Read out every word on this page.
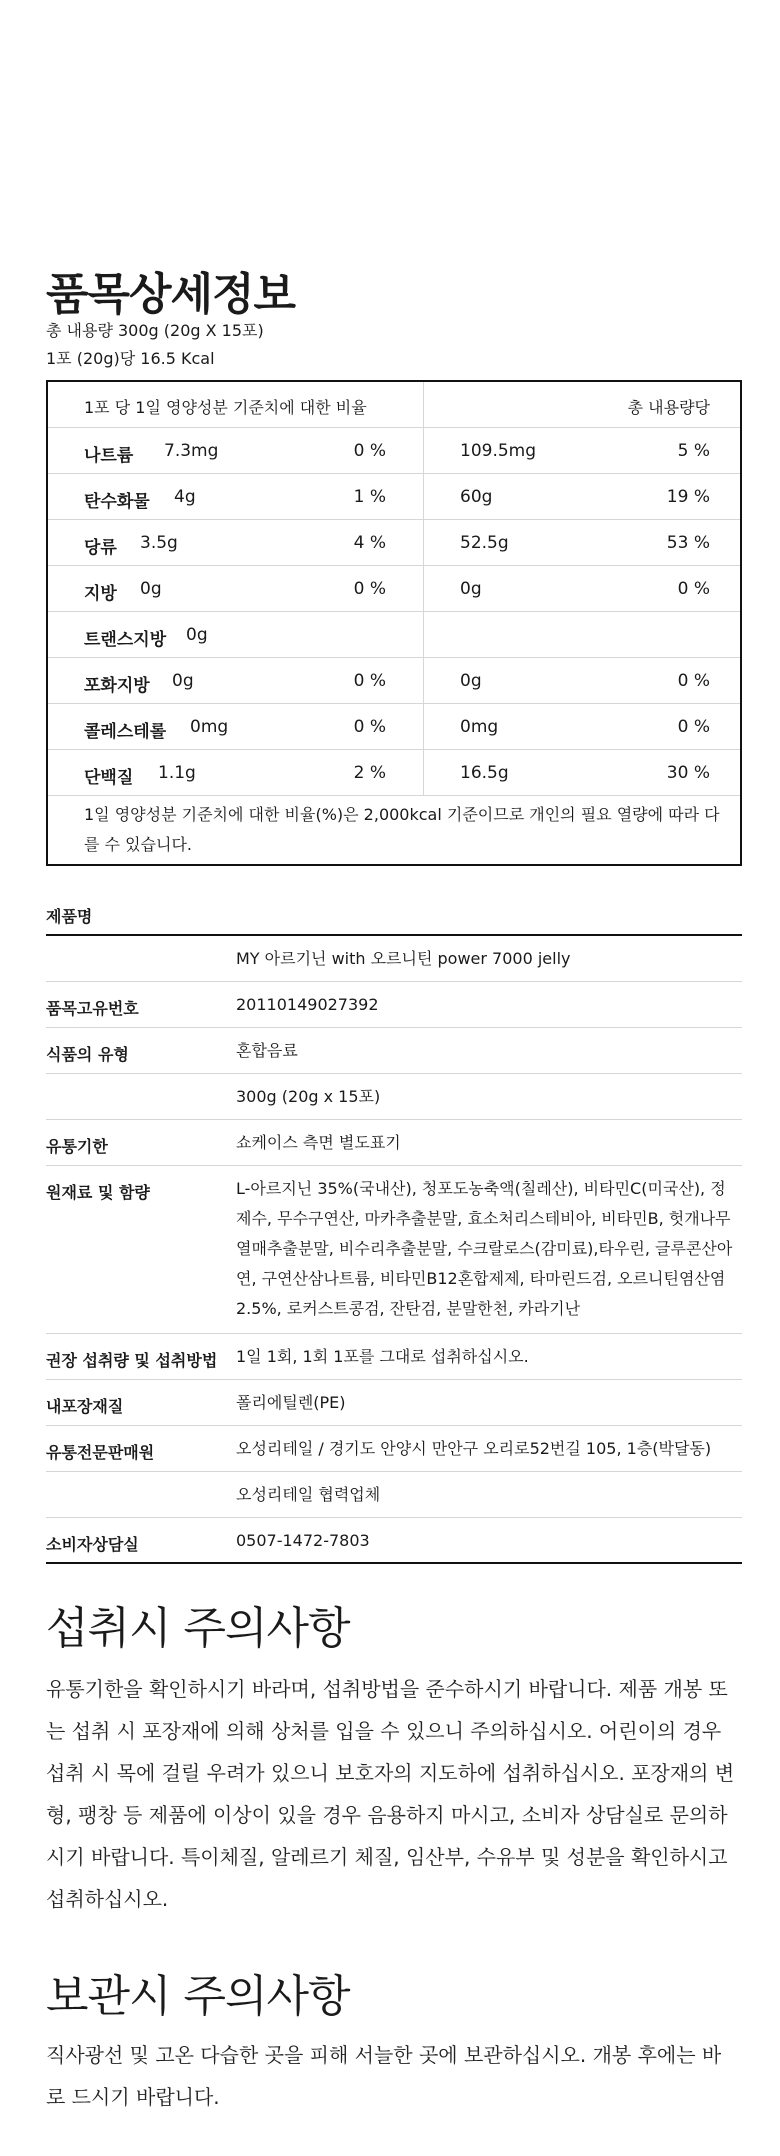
품목상세정보
총 내용량 300g (20g X 15포)
1포 (20g)당 16.5 Kcal
1포 당 1일 영양성분 기준치에 대한 비율	총 내용량당
나트륨 7.3mg	0 %	109.5mg	5 %
탄수화물 4g	1 %	60g	19 %
당류 3.5g	4 %	52.5g	53 %
지방 0g	0 %	0g	0 %
트랜스지방 0g
포화지방 0g	0 %	0g	0 %
콜레스테롤 0mg	0 %	0mg	0 %
단백질 1.1g	2 %	16.5g	30 %
1일 영양성분 기준치에 대한 비율(%)은 2,000kcal 기준이므로 개인의 필요 열량에 따라 다를 수 있습니다.
제품명
MY 아르기닌 with 오르니틴 power 7000 jelly
품목고유번호	20110149027392
식품의 유형	혼합음료
300g (20g x 15포)
유통기한	쇼케이스 측면 별도표기
원재료 및 함량	L-아르지닌 35%(국내산), 청포도농축액(칠레산), 비타민C(미국산), 정제수, 무수구연산, 마카추출분말, 효소처리스테비아, 비타민B, 헛개나무열매추출분말, 비수리추출분말, 수크랄로스(감미료),타우린, 글루콘산아연, 구연산삼나트륨, 비타민B12혼합제제, 타마린드검, 오르니틴염산염 2.5%, 로커스트콩검, 잔탄검, 분말한천, 카라기난
권장 섭취량 및 섭취방법 1일 1회, 1회 1포를 그대로 섭취하십시오.
내포장재질	폴리에틸렌(PE)
유통전문판매원	오성리테일 / 경기도 안양시 만안구 오리로52번길 105, 1층(박달동)
오성리테일 협력업체
소비자상담실	0507-1472-7803
섭취시 주의사항
유통기한을 확인하시기 바라며, 섭취방법을 준수하시기 바랍니다. 제품 개봉 또는 섭취 시 포장재에 의해 상처를 입을 수 있으니 주의하십시오. 어린이의 경우 섭취 시 목에 걸릴 우려가 있으니 보호자의 지도하에 섭취하십시오. 포장재의 변형, 팽창 등 제품에 이상이 있을 경우 음용하지 마시고, 소비자 상담실로 문의하시기 바랍니다. 특이체질, 알레르기 체질, 임산부, 수유부 및 성분을 확인하시고 섭취하십시오.
보관시 주의사항
직사광선 및 고온 다습한 곳을 피해 서늘한 곳에 보관하십시오. 개봉 후에는 바로 드시기 바랍니다.
